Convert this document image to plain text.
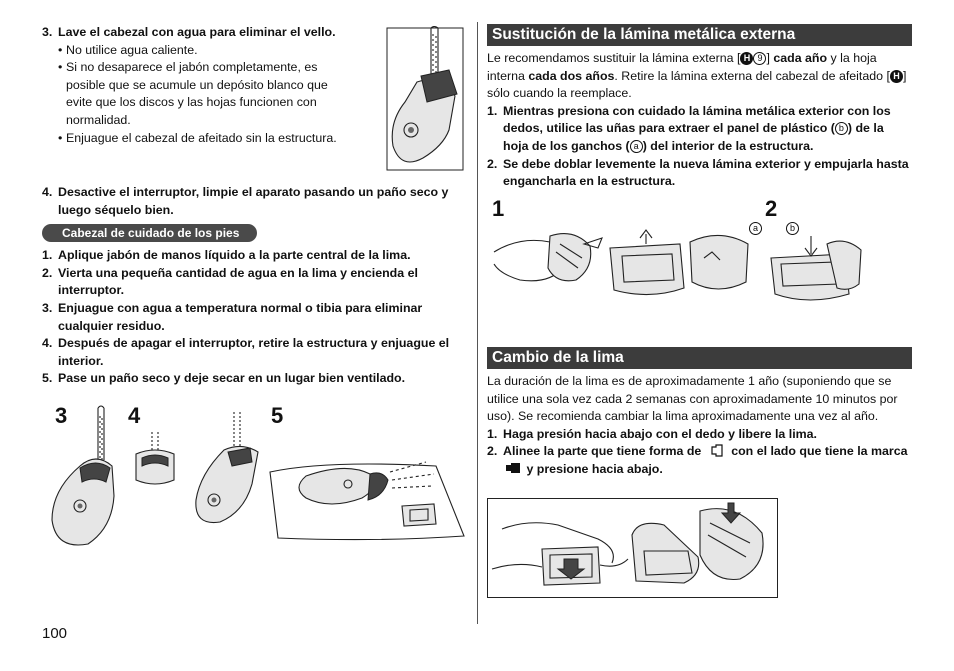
3. Lave el cabezal con agua para eliminar el vello.
• No utilice agua caliente.
• Si no desaparece el jabón completamente, es posible que se acumule un depósito blanco que evite que los discos y las hojas funcionen con normalidad.
• Enjuague el cabezal de afeitado sin la estructura.
4. Desactive el interruptor, limpie el aparato pasando un paño seco y luego séquelo bien.
Cabezal de cuidado de los pies
1. Aplique jabón de manos líquido a la parte central de la lima.
2. Vierta una pequeña cantidad de agua en la lima y encienda el interruptor.
3. Enjuague con agua a temperatura normal o tibia para eliminar cualquier residuo.
4. Después de apagar el interruptor, retire la estructura y enjuague el interior.
5. Pase un paño seco y deje secar en un lugar bien ventilado.
3	4	5
100
Sustitución de la lámina metálica externa
Le recomendamos sustituir la lámina externa [ H 9 ] cada año y la hoja interna cada dos años. Retire la lámina externa del cabezal de afeitado [ H ] sólo cuando la reemplace.
1. Mientras presiona con cuidado la lámina metálica exterior con los dedos, utilice las uñas para extraer el panel de plástico ( b ) de la hoja de los ganchos ( a ) del interior de la estructura.
2. Se debe doblar levemente la nueva lámina exterior y empujarla hasta engancharla en la estructura.
1	2
a	b
Cambio de la lima
La duración de la lima es de aproximadamente 1 año (suponiendo que se utilice una sola vez cada 2 semanas con aproximadamente 10 minutos por uso). Se recomienda cambiar la lima aproximadamente una vez al año.
1. Haga presión hacia abajo con el dedo y libere la lima.
2. Alinee la parte que tiene forma de con el lado que tiene la marca  y presione hacia abajo.
